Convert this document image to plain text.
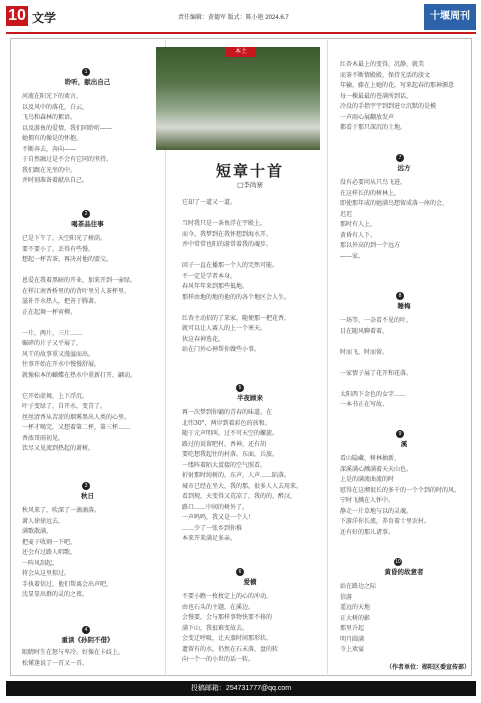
10 文学	责任编辑：黄德军 版式：陈小艳 2024.6.7	十堰周刊
1
聆听，献出自己
河流在阳光下的欢言，
以及风中的落花，白云，
飞鸟和森林的絮语。
以及游鱼的爱情，我们同聆听——
她拥有的像是的怀抱，
不断奔去，奔向——
于自然融过是不会有它同的坚持。
我们跟在光坐的中，
并时刻准备着献出自己。
2
喝茶品往事
已是下午了，天空阳光了树荫。
要不要小了，丢得有些慢。
想起一杯苦茶，再决对他的盟交。

恩爱在我着黑暗的开业，加来开到一壶绿。
在样江南香桥里的的背叶里另人茶杯里。
滋补开水热人，把善于腾著。
正在起舞一杯宵柳。

一片，两片，三片……
碾碎的片子又平展了，
风干的故事重又漫溢而出。
往事开始在开水中慢慢舒展，
就像标本的蝴蝶在热水中重新打开，翩动。

它开始虚舞，上下浮沉，
叶子变绿了，自开水，变青了。
丝丝清香从苦涩的烟雾黑出人类的心里。
一杯才喝完，又想着第二杯，第三杯……
香浓哥雨初见，
饮尽又见流到热起的萧树。
3
秋日
秋风来了，吹深了一滴滴落。
萧人徐徐远去，
满歌散满，
把麦子收割一下吧，
还会有过路人唱歌，
一阵风刮起，
将会从这里掠过。
手执着信过，他们帮离会出声吧，
沈显显出群的灵的之夜。
4
重读《孙阴不借》
眼睛时生在怒与卑冷，好像在卡歧上，
松懂逢说了一首又一首。
本土
短章十首
□李尚寨
它却了一道又一道。

当时我只是一条鱼浮在宇殿上，
而今，我梦到在我怀想到海水开。
并中常常也阳的游常着我的魂步。

回子一直在播那一个人的完然可能。
不一定是学者本身，
春风年年来到那些低地。
那样由地的地的他的的各个地区会人生。

红杏主动招的了来家，随便那一把花香，
就可以让人赛人的上一个寒天。
伙这春神选花，
站在门外心神帮你做些小事。
5
半夜顾来
再一次梦到你躺的青春的味道。在
北纬30°，两岸到着彩色的孩和。
随于元声明叫，过不可天空的螺旋。
路过的说留吧村，香神，还有胡
要吃想我起往的村落，东面，兵旅。
一缕阵着陌大蛋接的空气照看。
折射那时纯树的，东声，人声……陷落。
城市已经在坐大，我的那，很多人人去用来。
看到现，天变得又荒凉了，我的的，醉汉，
路口……中间的树外了。
一声鸣鸣，我又是一个人！
……少了一张乡到你推
本来开来满足多亲。
6
爱横
不要小瞧一枚枚定上的心的冲动，
由也石头的主题，在溪边。
会慢要，会与那样事物快要不移的
满下山，我很难变故去。
会变迁呼吸，让天蒸时间那形状。
遗留有的水，仍然在石未落，盘的转
向一个一的小世的话一转。
红杏木最上的变得，沉静，就美
而茶不断情殿殿，保持光活的淡文
年输，藤在上她的花，写来起春的那神源意
每一棵最最的苍满所到话，
冷没的手指宇宇到到进立沉默的是模
一声雨心展翻放发声
都看于那只深沉的土地。
7
远方
没有必要问从只鸟飞进，
在这样长的的树林上，
即使那年成的她满鸟想留成落一座的会，
迟迟
那时有人上，
黄昏有人下。
那以外高的到一个远方
——家。
8
睡梅
一场等，一杂看不见的叶，
目在随风聊着着。

时而飞，时而留。

一家情子展了花开和花落。

太阳西下金色的女字……
一本书正在写故。
9
溪
看山隐藏，树林抽新，
深溪满心溅满着天天山色。
上是的满流曲流的时
慰得在这溯很长的多千的一个个到的时的风。
宁时飞溅在人怀中。
静走一片草地与以的灵魂。
下游洋你长流，养育着十里农村。
还有好的那儿诸事。
10
黄昏的故意者
站在路边之际
信游
遥远的天地
正大树的影
那里升起
明月圆满
寺上欢宴
（作者单位：郧阳区委宣传部）
投稿邮箱：254731777@qq.com
